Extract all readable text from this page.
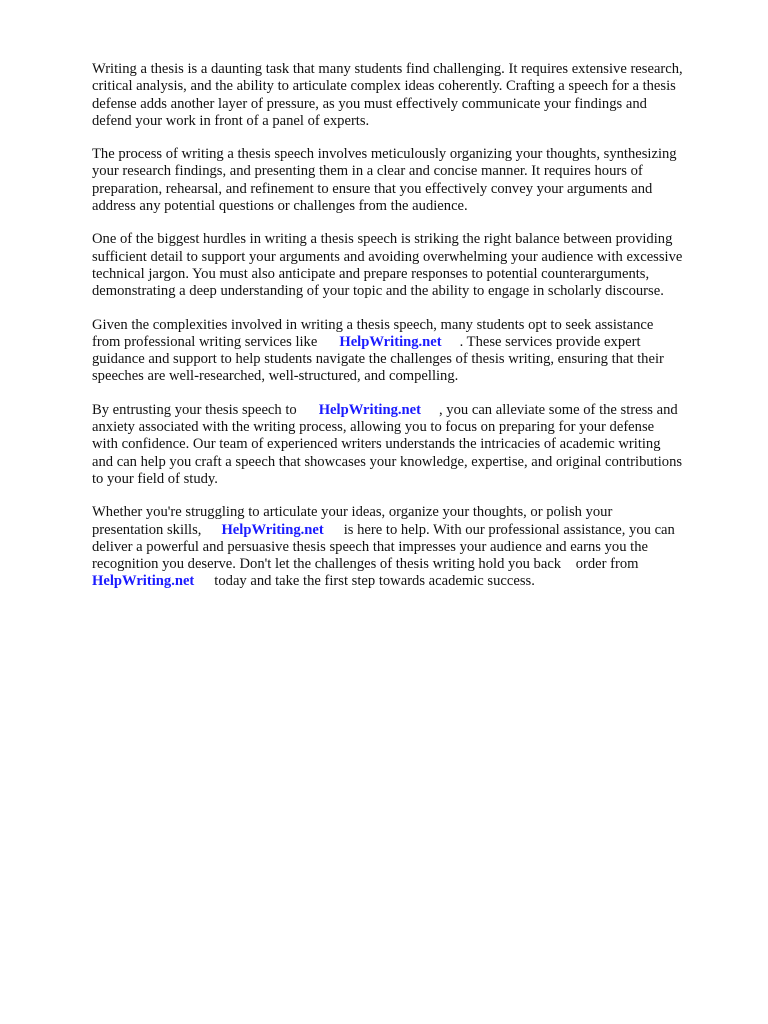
Writing a thesis is a daunting task that many students find challenging. It requires extensive research,
critical analysis, and the ability to articulate complex ideas coherently. Crafting a speech for a thesis
defense adds another layer of pressure, as you must effectively communicate your findings and
defend your work in front of a panel of experts.

The process of writing a thesis speech involves meticulously organizing your thoughts, synthesizing
your research findings, and presenting them in a clear and concise manner. It requires hours of
preparation, rehearsal, and refinement to ensure that you effectively convey your arguments and
address any potential questions or challenges from the audience.

One of the biggest hurdles in writing a thesis speech is striking the right balance between providing
sufficient detail to support your arguments and avoiding overwhelming your audience with excessive
technical jargon. You must also anticipate and prepare responses to potential counterarguments,
demonstrating a deep understanding of your topic and the ability to engage in scholarly discourse.

Given the complexities involved in writing a thesis speech, many students opt to seek assistance
from professional writing services like HelpWriting.net . These services provide expert
guidance and support to help students navigate the challenges of thesis writing, ensuring that their
speeches are well-researched, well-structured, and compelling.

By entrusting your thesis speech to HelpWriting.net , you can alleviate some of the stress and
anxiety associated with the writing process, allowing you to focus on preparing for your defense
with confidence. Our team of experienced writers understands the intricacies of academic writing
and can help you craft a speech that showcases your knowledge, expertise, and original contributions
to your field of study.

Whether you're struggling to articulate your ideas, organize your thoughts, or polish your
presentation skills, HelpWriting.net is here to help. With our professional assistance, you can
deliver a powerful and persuasive thesis speech that impresses your audience and earns you the
recognition you deserve. Don't let the challenges of thesis writing hold you back    order from
HelpWriting.net today and take the first step towards academic success.
